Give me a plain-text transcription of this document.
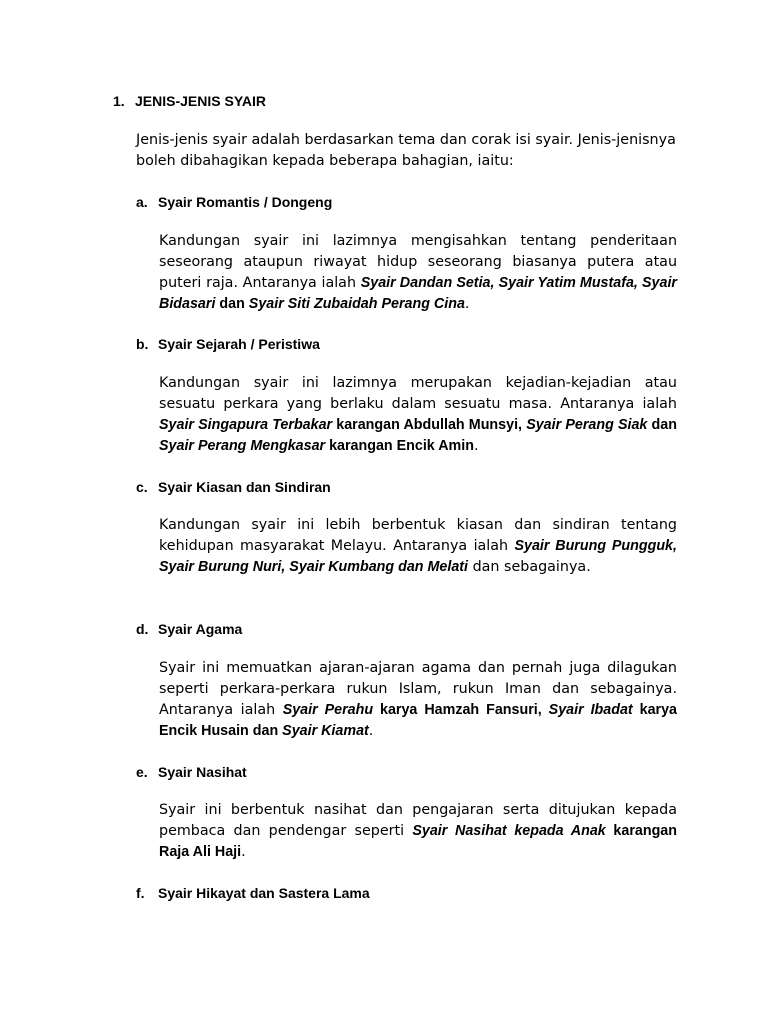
1. JENIS-JENIS SYAIR
Jenis-jenis syair adalah berdasarkan tema dan corak isi syair. Jenis-jenisnya boleh dibahagikan kepada beberapa bahagian, iaitu:
a. Syair Romantis / Dongeng
Kandungan syair ini lazimnya mengisahkan tentang penderitaan seseorang ataupun riwayat hidup seseorang biasanya putera atau puteri raja. Antaranya ialah Syair Dandan Setia, Syair Yatim Mustafa, Syair Bidasari dan Syair Siti Zubaidah Perang Cina.
b. Syair Sejarah / Peristiwa
Kandungan syair ini lazimnya merupakan kejadian-kejadian atau sesuatu perkara yang berlaku dalam sesuatu masa. Antaranya ialah Syair Singapura Terbakar karangan Abdullah Munsyi, Syair Perang Siak dan Syair Perang Mengkasar karangan Encik Amin.
c. Syair Kiasan dan Sindiran
Kandungan syair ini lebih berbentuk kiasan dan sindiran tentang kehidupan masyarakat Melayu. Antaranya ialah Syair Burung Pungguk, Syair Burung Nuri, Syair Kumbang dan Melati dan sebagainya.
d. Syair Agama
Syair ini memuatkan ajaran-ajaran agama dan pernah juga dilagukan seperti perkara-perkara rukun Islam, rukun Iman dan sebagainya. Antaranya ialah Syair Perahu karya Hamzah Fansuri, Syair Ibadat karya Encik Husain dan Syair Kiamat.
e. Syair Nasihat
Syair ini berbentuk nasihat dan pengajaran serta ditujukan kepada pembaca dan pendengar seperti Syair Nasihat kepada Anak karangan Raja Ali Haji.
f. Syair Hikayat dan Sastera Lama
